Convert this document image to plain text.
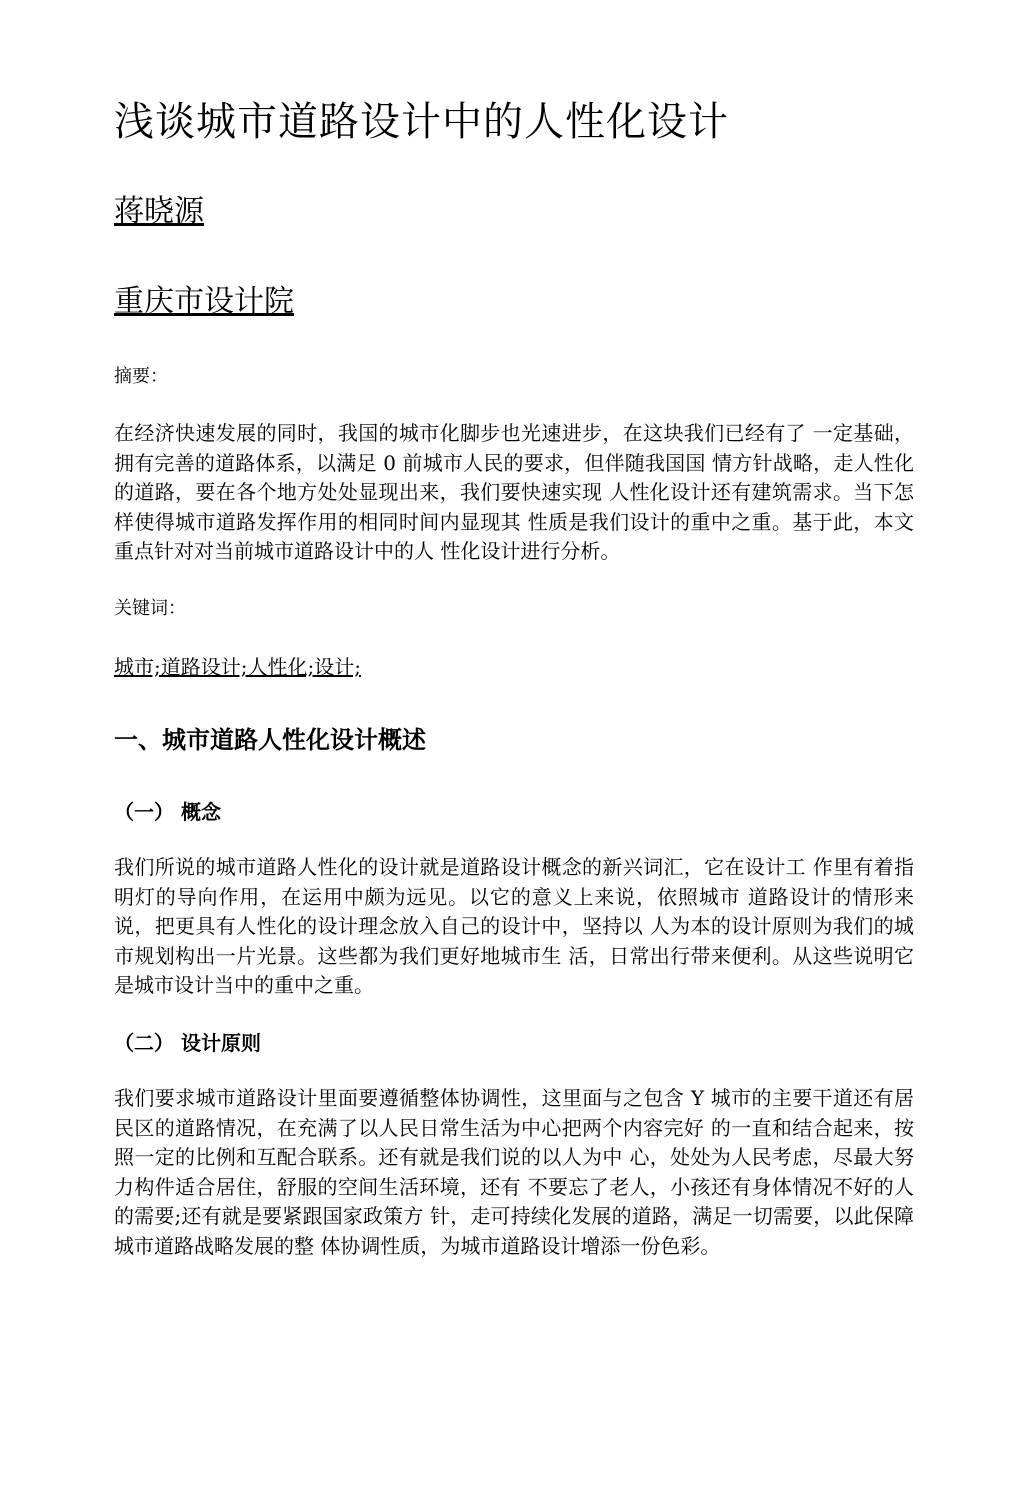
浅谈城市道路设计中的人性化设计

蒋晓源

重庆市设计院

摘要：

在经济快速发展的同时，我国的城市化脚步也光速进步，在这块我们已经有了 一定基础，拥有完善的道路体系，以满足 0 前城市人民的要求，但伴随我国国 情方针战略，走人性化的道路，要在各个地方处处显现出来，我们要快速实现 人性化设计还有建筑需求。当下怎样使得城市道路发挥作用的相同时间内显现其 性质是我们设计的重中之重。基于此，本文重点针对对当前城市道路设计中的人 性化设计进行分析。

关键词：

城市;道路设计;人性化;设计;

一、城市道路人性化设计概述
（一） 概念

我们所说的城市道路人性化的设计就是道路设计概念的新兴词汇，它在设计工 作里有着指明灯的导向作用，在运用中颇为远见。以它的意义上来说，依照城市 道路设计的情形来说，把更具有人性化的设计理念放入自己的设计中，坚持以 人为本的设计原则为我们的城市规划构出一片光景。这些都为我们更好地城市生 活，日常出行带来便利。从这些说明它是城市设计当中的重中之重。

（二） 设计原则

我们要求城市道路设计里面要遵循整体协调性，这里面与之包含 Y 城市的主要干道还有居民区的道路情况，在充满了以人民日常生活为中心把两个内容完好 的一直和结合起来，按照一定的比例和互配合联系。还有就是我们说的以人为中 心，处处为人民考虑，尽最大努力构件适合居住，舒服的空间生活环境，还有 不要忘了老人，小孩还有身体情况不好的人的需要;还有就是要紧跟国家政策方 针，走可持续化发展的道路，满足一切需要，以此保障城市道路战略发展的整 体协调性质，为城市道路设计增添一份色彩。
